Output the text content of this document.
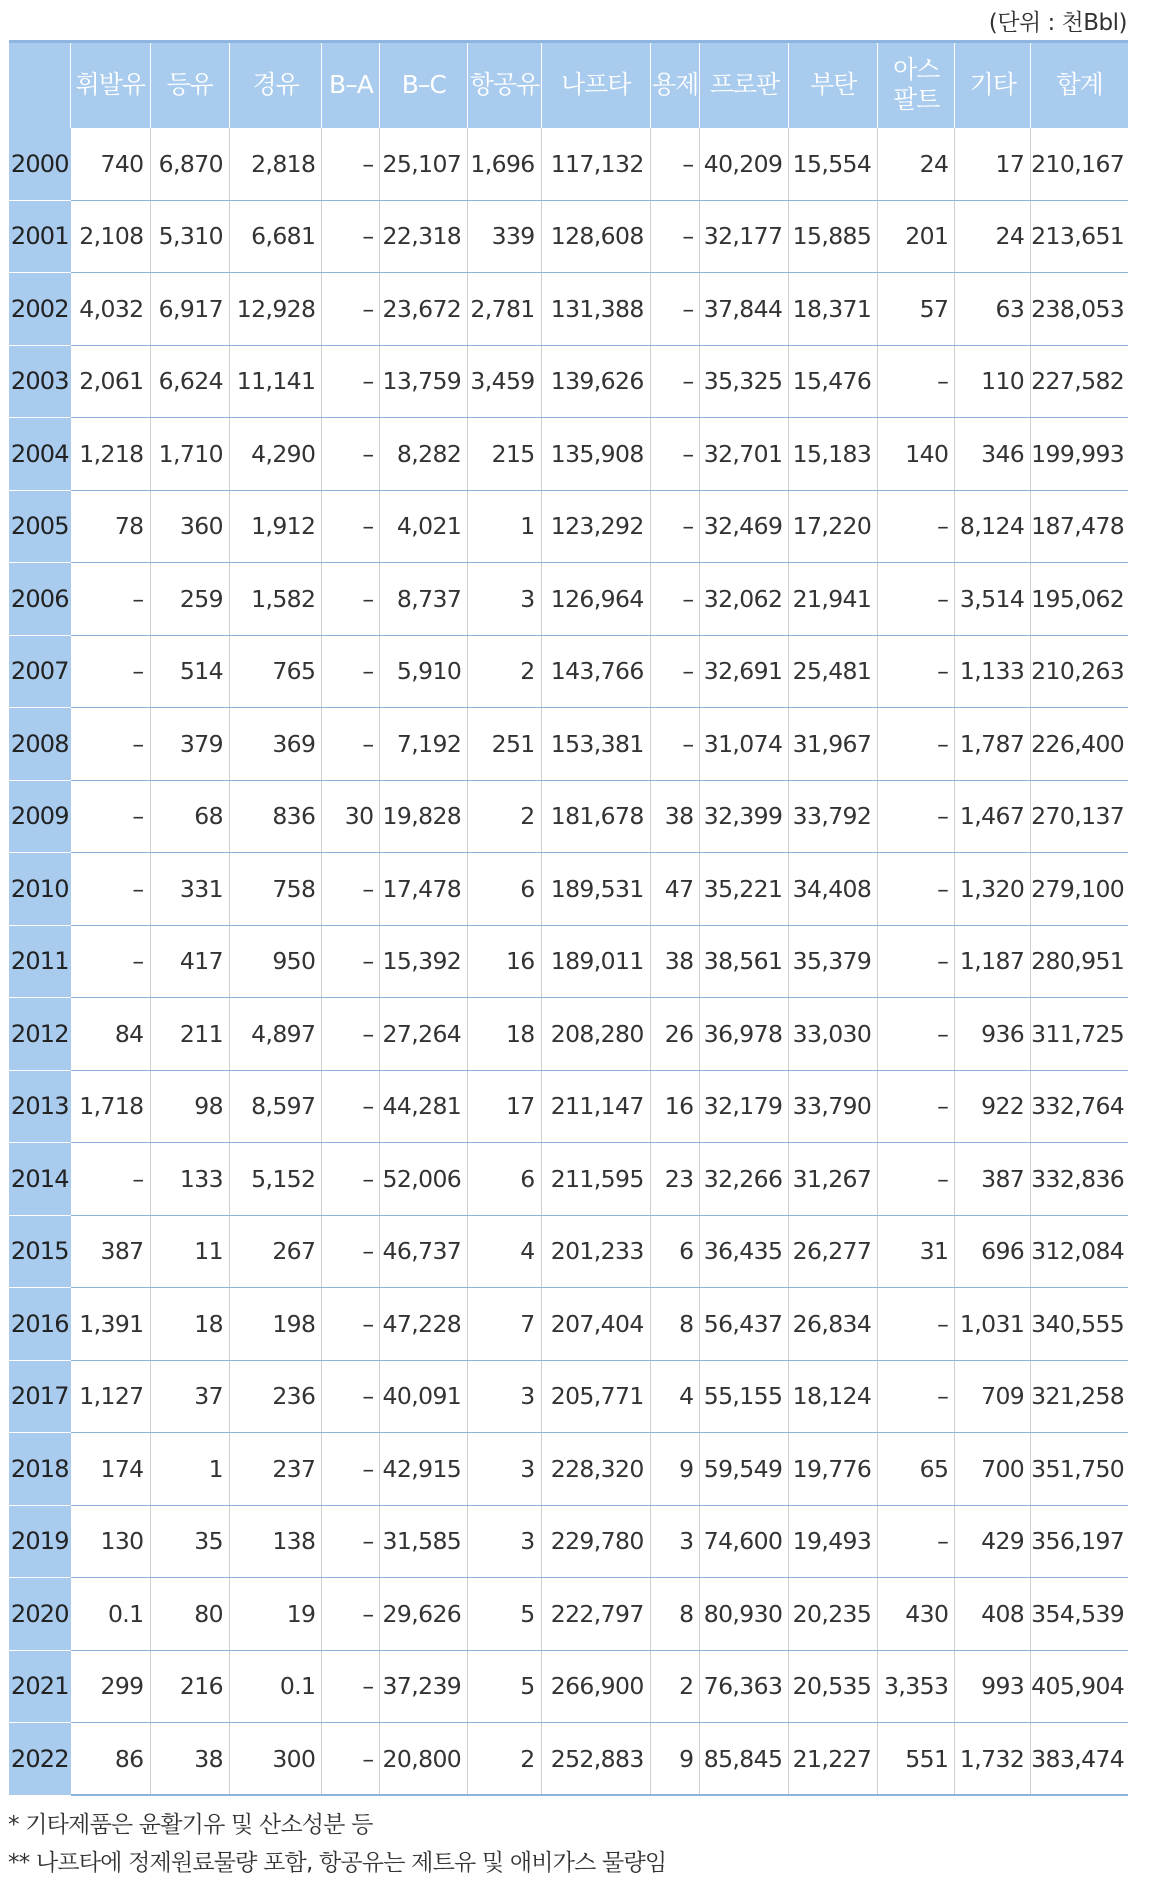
(단위 : 천Bbl)
	휘발유	등유	경유	B–A	B–C	항공유	나프타	용제	프로판	부탄	아스
팔트	기타	합계
2000	740	6,870	2,818	–	25,107	1,696	117,132	–	40,209	15,554	24	17	210,167
2001	2,108	5,310	6,681	–	22,318	339	128,608	–	32,177	15,885	201	24	213,651
2002	4,032	6,917	12,928	–	23,672	2,781	131,388	–	37,844	18,371	57	63	238,053
2003	2,061	6,624	11,141	–	13,759	3,459	139,626	–	35,325	15,476	–	110	227,582
2004	1,218	1,710	4,290	–	8,282	215	135,908	–	32,701	15,183	140	346	199,993
2005	78	360	1,912	–	4,021	1	123,292	–	32,469	17,220	–	8,124	187,478
2006	–	259	1,582	–	8,737	3	126,964	–	32,062	21,941	–	3,514	195,062
2007	–	514	765	–	5,910	2	143,766	–	32,691	25,481	–	1,133	210,263
2008	–	379	369	–	7,192	251	153,381	–	31,074	31,967	–	1,787	226,400
2009	–	68	836	30	19,828	2	181,678	38	32,399	33,792	–	1,467	270,137
2010	–	331	758	–	17,478	6	189,531	47	35,221	34,408	–	1,320	279,100
2011	–	417	950	–	15,392	16	189,011	38	38,561	35,379	–	1,187	280,951
2012	84	211	4,897	–	27,264	18	208,280	26	36,978	33,030	–	936	311,725
2013	1,718	98	8,597	–	44,281	17	211,147	16	32,179	33,790	–	922	332,764
2014	–	133	5,152	–	52,006	6	211,595	23	32,266	31,267	–	387	332,836
2015	387	11	267	–	46,737	4	201,233	6	36,435	26,277	31	696	312,084
2016	1,391	18	198	–	47,228	7	207,404	8	56,437	26,834	–	1,031	340,555
2017	1,127	37	236	–	40,091	3	205,771	4	55,155	18,124	–	709	321,258
2018	174	1	237	–	42,915	3	228,320	9	59,549	19,776	65	700	351,750
2019	130	35	138	–	31,585	3	229,780	3	74,600	19,493	–	429	356,197
2020	0.1	80	19	–	29,626	5	222,797	8	80,930	20,235	430	408	354,539
2021	299	216	0.1	–	37,239	5	266,900	2	76,363	20,535	3,353	993	405,904
2022	86	38	300	–	20,800	2	252,883	9	85,845	21,227	551	1,732	383,474
* 기타제품은 윤활기유 및 산소성분 등
** 나프타에 정제원료물량 포함, 항공유는 제트유 및 애비가스 물량임
